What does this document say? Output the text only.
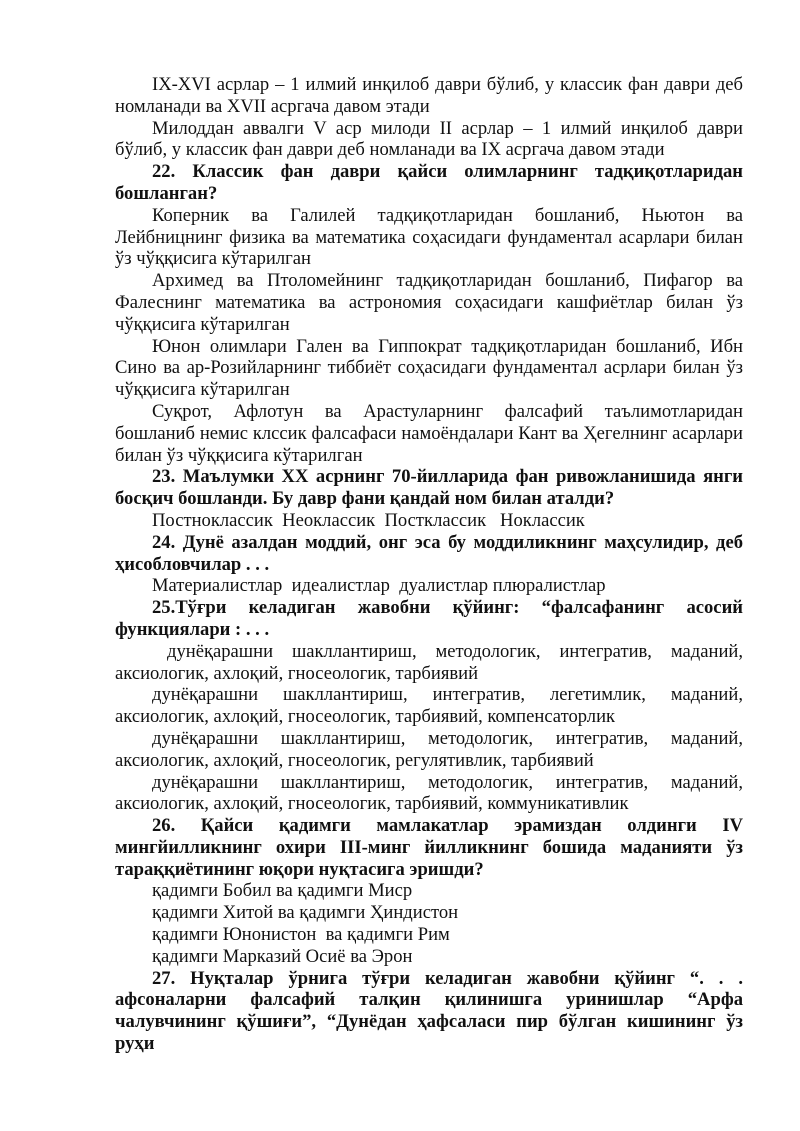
IX-XVI асрлар – 1 илмий инқилоб даври бўлиб, у классик фан даври деб номланади ва XVII асргача давом этади

Милоддан аввалги V аср милоди II асрлар – 1 илмий инқилоб даври бўлиб, у классик фан даври деб номланади ва IX асргача давом этади

22. Классик фан даври қайси олимларнинг тадқиқотларидан бошланган?

Коперник ва Галилей тадқиқотларидан бошланиб, Ньютон ва Лейбницнинг физика ва математика соҳасидаги фундаментал асарлари билан ўз чўққисига кўтарилган

Архимед ва Птоломейнинг тадқиқотларидан бошланиб, Пифагор ва Фалеснинг математика ва астрономия соҳасидаги кашфиётлар билан ўз чўққисига кўтарилган

Юнон олимлари Гален ва Гиппократ тадқиқотларидан бошланиб, Ибн Сино ва ар-Розийларнинг тиббиёт соҳасидаги фундаментал асрлари билан ўз чўққисига кўтарилган

Суқрот, Афлотун ва Арастуларнинг фалсафий таълимотларидан бошланиб немис клссик фалсафаси намоёндалари Кант ва Ҳегелнинг асарлари билан ўз чўққисига кўтарилган

23. Маълумки ХХ асрнинг 70-йилларида фан ривожланишида янги босқич бошланди. Бу давр фани қандай ном билан аталди?

Постноклассик  Неоклассик  Постклассик   Ноклассик

24. Дунё азалдан моддий, онг эса бу моддиликнинг маҳсулидир, деб ҳисобловчилар . . .

Материалистлар  идеалистлар  дуалистлар плюралистлар

25.Тўғри келадиган жавобни қўйинг: “фалсафанинг асосий функциялари : . . .

дунёқарашни шакллантириш, методологик, интегратив, маданий, аксиологик, ахлоқий, гносеологик, тарбиявий

дунёқарашни шакллантириш, интегратив, легетимлик, маданий, аксиологик, ахлоқий, гносеологик, тарбиявий, компенсаторлик

дунёқарашни шакллантириш, методологик, интегратив, маданий, аксиологик, ахлоқий, гносеологик, регулятивлик, тарбиявий

дунёқарашни шакллантириш, методологик, интегратив, маданий, аксиологик, ахлоқий, гносеологик, тарбиявий, коммуникативлик

26. Қайси қадимги мамлакатлар эрамиздан олдинги IV мингйилликнинг охири III-минг йилликнинг бошида маданияти ўз тараққиётининг юқори нуқтасига эришди?

қадимги Бобил ва қадимги Миср

қадимги Хитой ва қадимги Ҳиндистон

қадимги Юнонистон  ва қадимги Рим

қадимги Марказий Осиё ва Эрон

27. Нуқталар ўрнига тўғри келадиган жавобни қўйинг “. . . афсоналарни фалсафий талқин қилинишга уринишлар “Арфа чалувчининг қўшиғи”, “Дунёдан ҳафсаласи пир бўлган кишининг ўз руҳи
